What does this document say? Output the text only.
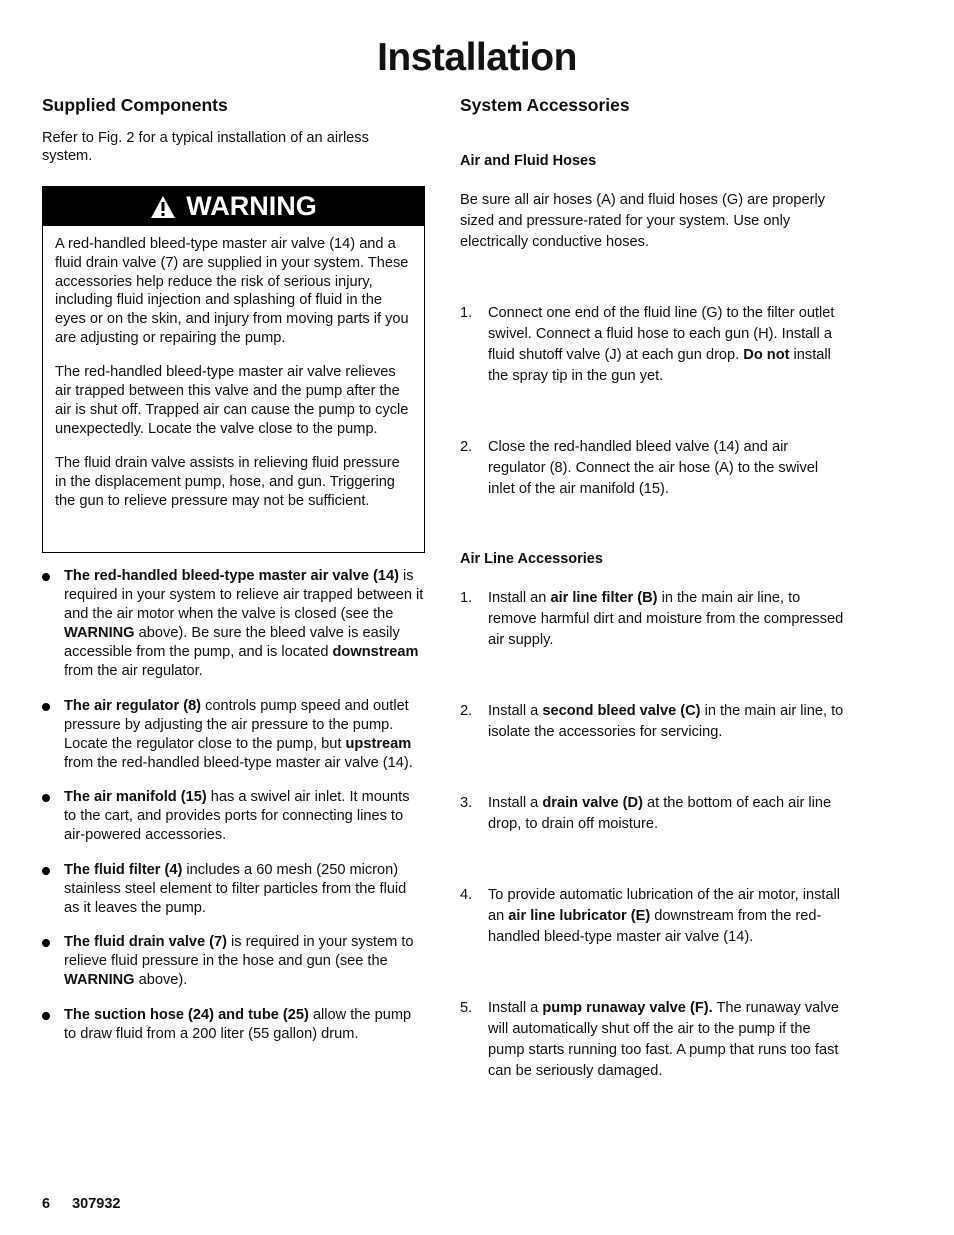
Installation
Supplied Components

Refer to Fig. 2 for a typical installation of an airless system.

WARNING

A red-handled bleed-type master air valve (14) and a fluid drain valve (7) are supplied in your system. These accessories help reduce the risk of serious injury, including fluid injection and splashing of fluid in the eyes or on the skin, and injury from moving parts if you are adjusting or repairing the pump.

The red-handled bleed-type master air valve relieves air trapped between this valve and the pump after the air is shut off. Trapped air can cause the pump to cycle unexpectedly. Locate the valve close to the pump.

The fluid drain valve assists in relieving fluid pressure in the displacement pump, hose, and gun. Triggering the gun to relieve pressure may not be sufficient.

The red-handled bleed-type master air valve (14) is required in your system to relieve air trapped between it and the air motor when the valve is closed (see the WARNING above). Be sure the bleed valve is easily accessible from the pump, and is located downstream from the air regulator.

The air regulator (8) controls pump speed and outlet pressure by adjusting the air pressure to the pump. Locate the regulator close to the pump, but upstream from the red-handled bleed-type master air valve (14).

The air manifold (15) has a swivel air inlet. It mounts to the cart, and provides ports for connecting lines to air-powered accessories.

The fluid filter (4) includes a 60 mesh (250 micron) stainless steel element to filter particles from the fluid as it leaves the pump.

The fluid drain valve (7) is required in your system to relieve fluid pressure in the hose and gun (see the WARNING above).

The suction hose (24) and tube (25) allow the pump to draw fluid from a 200 liter (55 gallon) drum.

System Accessories
Air and Fluid Hoses

Be sure all air hoses (A) and fluid hoses (G) are properly sized and pressure-rated for your system. Use only electrically conductive hoses.

1. Connect one end of the fluid line (G) to the filter outlet swivel. Connect a fluid hose to each gun (H). Install a fluid shutoff valve (J) at each gun drop. Do not install the spray tip in the gun yet.

2. Close the red-handled bleed valve (14) and air regulator (8). Connect the air hose (A) to the swivel inlet of the air manifold (15).

Air Line Accessories
1. Install an air line filter (B) in the main air line, to remove harmful dirt and moisture from the compressed air supply.

2. Install a second bleed valve (C) in the main air line, to isolate the accessories for servicing.

3. Install a drain valve (D) at the bottom of each air line drop, to drain off moisture.

4. To provide automatic lubrication of the air motor, install an air line lubricator (E) downstream from the red-handled bleed-type master air valve (14).

5. Install a pump runaway valve (F). The runaway valve will automatically shut off the air to the pump if the pump starts running too fast. A pump that runs too fast can be seriously damaged.

6 307932
